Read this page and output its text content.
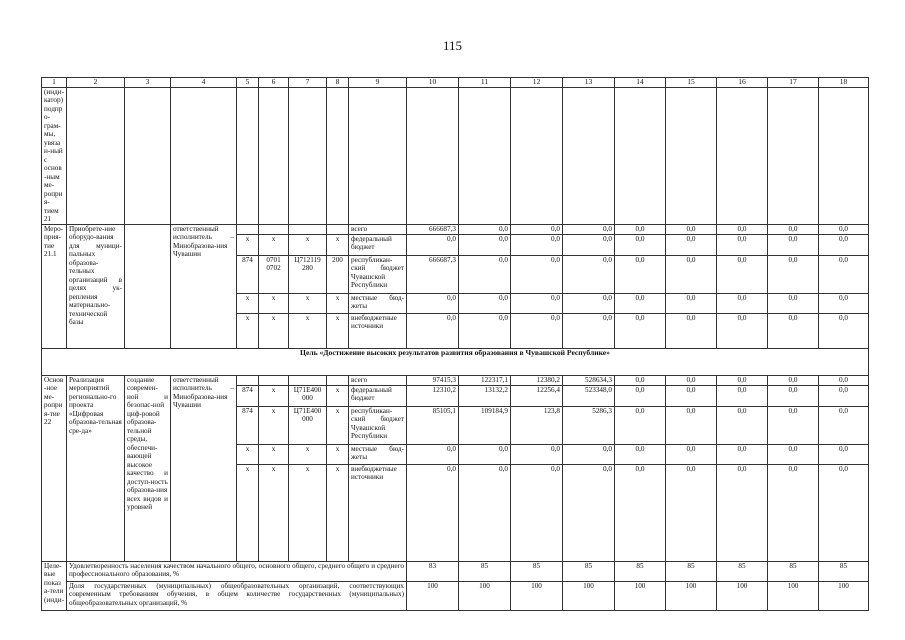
115
1	2	3	4	5	6	7	8	9	10	11	12	13	14	15	16	17	18
(инди-катор) подпро-грам-мы, увязан-ный с основ-ным ме-роприя-тием 21																	
Меро-прия-тие 21.1	Приобрете-ние оборудо-вания для муници-пальных образова-тельных организаций в целях ук-репления материально-технической базы		ответственный исполнитель – Минобразова-ния Чувашии					всего	666687,3	0,0	0,0	0,0	0,0	0,0	0,0	0,0	0,0
				x	x	x	x	федеральный бюджет	0,0	0,0	0,0	0,0	0,0	0,0	0,0	0,0	0,0
				874	0701 0702	Ц712119 280	200	республикан-ский бюджет Чувашской Республики	666687,3	0,0	0,0	0,0	0,0	0,0	0,0	0,0	0,0
				x	x	x	x	местные бюд-жеты	0,0	0,0	0,0	0,0	0,0	0,0	0,0	0,0	0,0
				x	x	x	x	внебюджетные источники	0,0	0,0	0,0	0,0	0,0	0,0	0,0	0,0	0,0
Цель «Достижение высоких результатов развития образования в Чувашской Республике»																	
Основ-ное ме-роприя-тие 22	Реализация мероприятий регионально-го проекта «Цифровая образова-тельная сре-да»	создание современ-ной и безопас-ной циф-ровой образова-тельной среды, обеспечи-вающей высокое качество и доступ-ность образова-ния всех видов и уровней	ответственный исполнитель – Минобразова-ния Чувашии					всего	97415,3	122317,1	12380,2	528634,3	0,0	0,0	0,0	0,0	0,0
				874	x	Ц71Е400 000	x	федеральный бюджет	12310,2	13132,2	12256,4	523348,0	0,0	0,0	0,0	0,0	0,0
				874	x	Ц71Е400 000	x	республикан-ский бюджет Чувашской Республики	85105,1	109184,9	123,8	5286,3	0,0	0,0	0,0	0,0	0,0
				x	x	x	x	местные бюд-жеты	0,0	0,0	0,0	0,0	0,0	0,0	0,0	0,0	0,0
				x	x	x	x	внебюджетные источники	0,0	0,0	0,0	0,0	0,0	0,0	0,0	0,0	0,0
Целе-вые показа-тели (инди-	Удовлетворенность населения качеством начального общего, основного общего, среднего общего и среднего профессионального образования, %								83	85	85	85	85	85	85	85	85
	Доля государственных (муниципальных) общеобразовательных организаций, соответствующих современным требованиям обучения, в общем количестве государственных (муниципальных) общеобразовательных организаций, %								100	100	100	100	100	100	100	100	100
